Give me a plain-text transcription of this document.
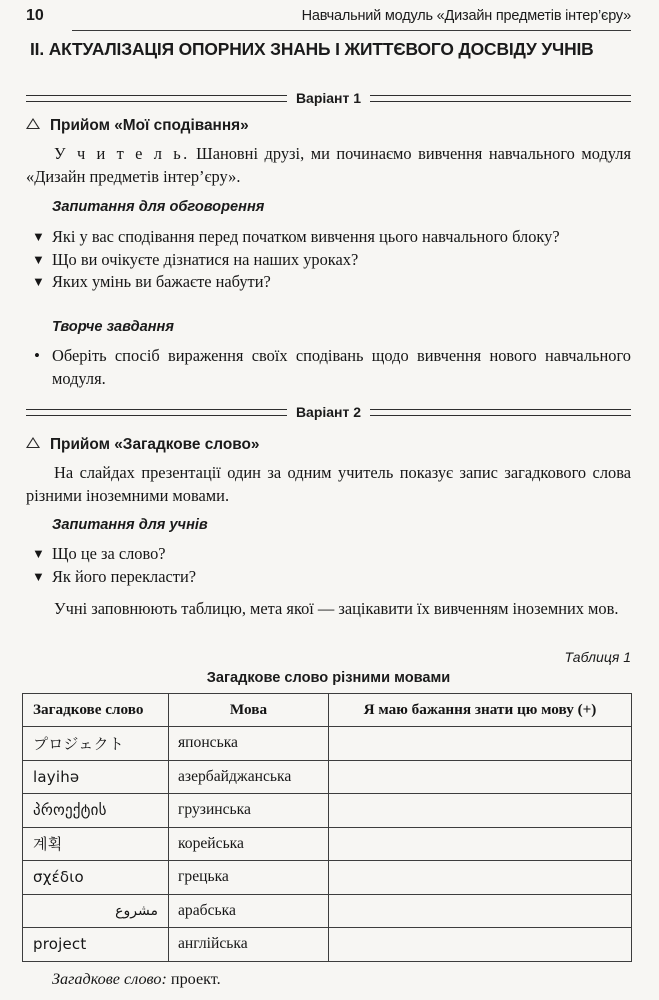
10	Навчальний модуль «Дизайн предметів інтер’єру»
II. АКТУАЛІЗАЦІЯ ОПОРНИХ ЗНАНЬ І ЖИТТЄВОГО ДОСВІДУ УЧНІВ
Варіант 1
Прийом «Мої сподівання»
У ч и т е л ь. Шановні друзі, ми починаємо вивчення навчального модуля «Дизайн предметів інтер’єру».
Запитання для обговорення
▼ Які у вас сподівання перед початком вивчення цього навчального блоку?
▼ Що ви очікуєте дізнатися на наших уроках?
▼ Яких умінь ви бажаєте набути?
Творче завдання
• Оберіть спосіб вираження своїх сподівань щодо вивчення нового навчального модуля.
Варіант 2
Прийом «Загадкове слово»
На слайдах презентації один за одним учитель показує запис загадкового слова різними іноземними мовами.
Запитання для учнів
▼ Що це за слово?
▼ Як його перекласти?
Учні заповнюють таблицю, мета якої — зацікавити їх вивченням іноземних мов.
Таблиця 1
Загадкове слово різними мовами
Загадкове слово	Мова	Я маю бажання знати цю мову (+)
プロジェクト	японська	
layihə	азербайджанська	
პროექტის	грузинська	
계획	корейська	
σχέδιο	грецька	
مشروع	арабська	
project	англійська	
Загадкове слово: проект.
